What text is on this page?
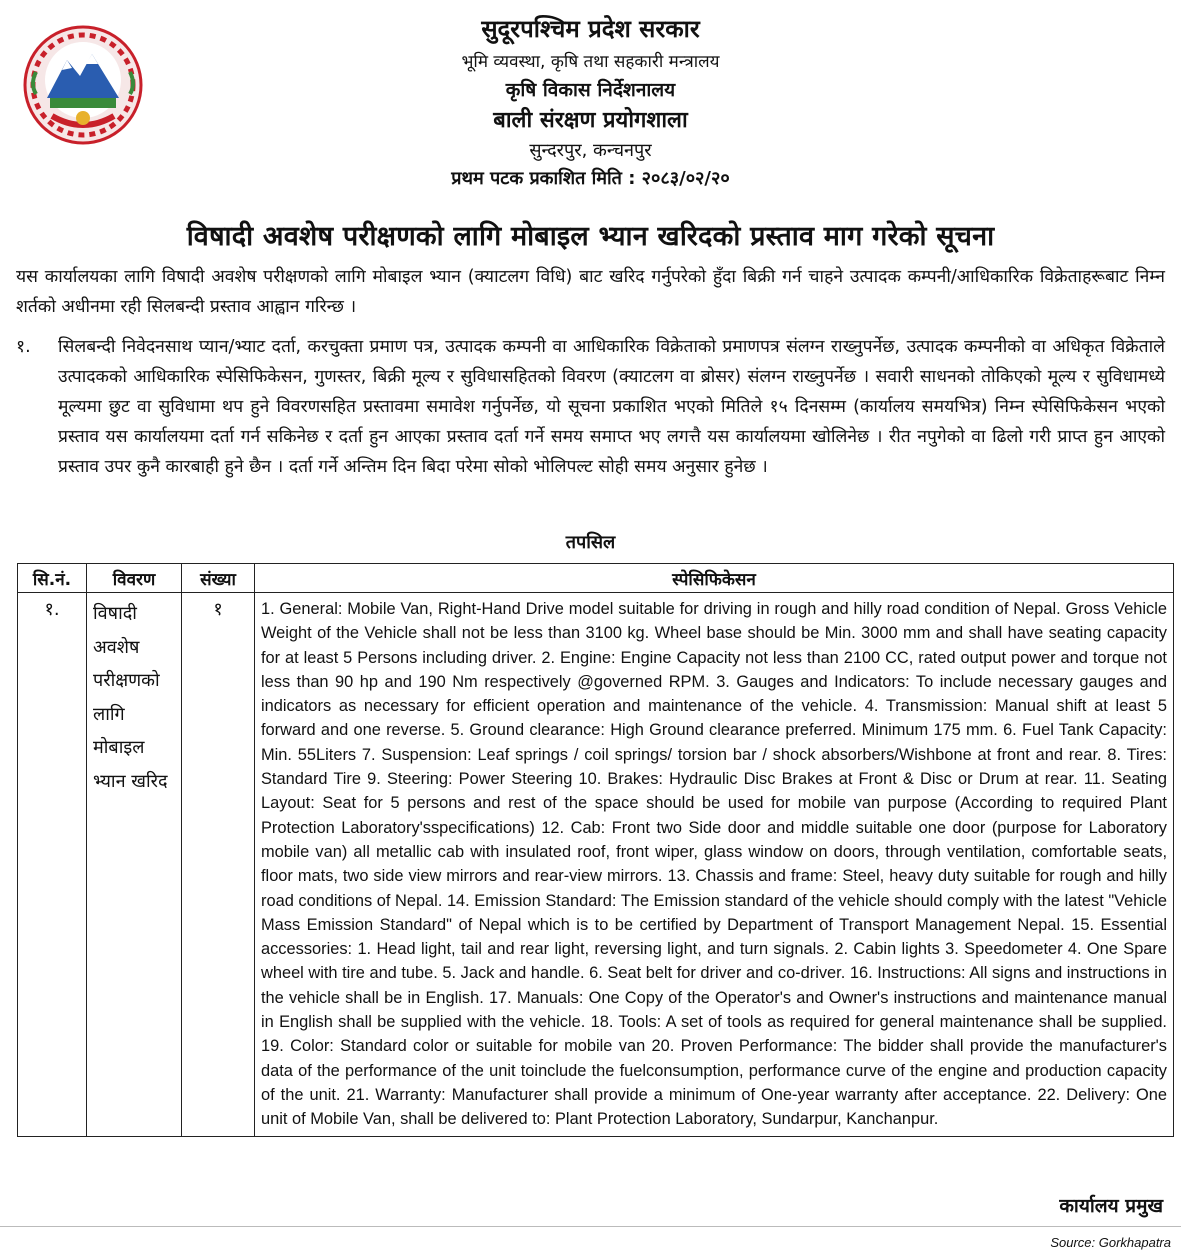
सुदूरपश्चिम प्रदेश सरकार
भूमि व्यवस्था, कृषि तथा सहकारी मन्त्रालय
कृषि विकास निर्देशनालय
बाली संरक्षण प्रयोगशाला
सुन्दरपुर, कन्चनपुर
प्रथम पटक प्रकाशित मिति : २०८३/०२/२०
विषादी अवशेष परीक्षणको लागि मोबाइल भ्यान खरिदको प्रस्ताव माग गरेको सूचना
यस कार्यालयका लागि विषादी अवशेष परीक्षणको लागि मोबाइल भ्यान (क्याटलग विधि) बाट खरिद गर्नुपरेको हुँदा बिक्री गर्न चाहने उत्पादक कम्पनी/आधिकारिक विक्रेताहरूबाट निम्न शर्तको अधीनमा रही सिलबन्दी प्रस्ताव आह्वान गरिन्छ ।
१. सिलबन्दी निवेदनसाथ प्यान/भ्याट दर्ता, करचुक्ता प्रमाण पत्र, उत्पादक कम्पनी वा आधिकारिक विक्रेताको प्रमाणपत्र संलग्न राख्नुपर्नेछ, उत्पादक कम्पनीको वा अधिकृत विक्रेताले उत्पादकको आधिकारिक स्पेसिफिकेसन, गुणस्तर, बिक्री मूल्य र सुविधासहितको विवरण (क्याटलग वा ब्रोसर) संलग्न राख्नुपर्नेछ । सवारी साधनको तोकिएको मूल्य र सुविधामध्ये मूल्यमा छुट वा सुविधामा थप हुने विवरणसहित प्रस्तावमा समावेश गर्नुपर्नेछ, यो सूचना प्रकाशित भएको मितिले १५ दिनसम्म (कार्यालय समयभित्र) निम्न स्पेसिफिकेसन भएको प्रस्ताव यस कार्यालयमा दर्ता गर्न सकिनेछ र दर्ता हुन आएका प्रस्ताव दर्ता गर्ने समय समाप्त भए लगत्तै यस कार्यालयमा खोलिनेछ । रीत नपुगेको वा ढिलो गरी प्राप्त हुन आएको प्रस्ताव उपर कुनै कारबाही हुने छैन । दर्ता गर्ने अन्तिम दिन बिदा परेमा सोको भोलिपल्ट सोही समय अनुसार हुनेछ ।
तपसिल
सि.नं.	विवरण	संख्या	स्पेसिफिकेसन
१.	विषादी अवशेष परीक्षणको लागि मोबाइल भ्यान खरिद	१	1. General: Mobile Van, Right-Hand Drive model suitable for driving in rough and hilly road condition of Nepal. Gross Vehicle Weight of the Vehicle shall not be less than 3100 kg. Wheel base should be Min. 3000 mm and shall have seating capacity for at least 5 Persons including driver. 2. Engine: Engine Capacity not less than 2100 CC, rated output power and torque not less than 90 hp and 190 Nm respectively @governed RPM. 3. Gauges and Indicators: To include necessary gauges and indicators as necessary for efficient operation and maintenance of the vehicle. 4. Transmission: Manual shift at least 5 forward and one reverse. 5. Ground clearance: High Ground clearance preferred. Minimum 175 mm. 6. Fuel Tank Capacity: Min. 55Liters 7. Suspension: Leaf springs / coil springs/ torsion bar / shock absorbers/Wishbone at front and rear. 8. Tires: Standard Tire 9. Steering: Power Steering 10. Brakes: Hydraulic Disc Brakes at Front & Disc or Drum at rear. 11. Seating Layout: Seat for 5 persons and rest of the space should be used for mobile van purpose (According to required Plant Protection Laboratory'sspecifications) 12. Cab: Front two Side door and middle suitable one door (purpose for Laboratory mobile van) all metallic cab with insulated roof, front wiper, glass window on doors, through ventilation, comfortable seats, floor mats, two side view mirrors and rear-view mirrors. 13. Chassis and frame: Steel, heavy duty suitable for rough and hilly road conditions of Nepal. 14. Emission Standard: The Emission standard of the vehicle should comply with the latest "Vehicle Mass Emission Standard" of Nepal which is to be certified by Department of Transport Management Nepal. 15. Essential accessories: 1. Head light, tail and rear light, reversing light, and turn signals. 2. Cabin lights 3. Speedometer 4. One Spare wheel with tire and tube. 5. Jack and handle. 6. Seat belt for driver and co-driver. 16. Instructions: All signs and instructions in the vehicle shall be in English. 17. Manuals: One Copy of the Operator's and Owner's instructions and maintenance manual in English shall be supplied with the vehicle. 18. Tools: A set of tools as required for general maintenance shall be supplied. 19. Color: Standard color or suitable for mobile van 20. Proven Performance: The bidder shall provide the manufacturer's data of the performance of the unit toinclude the fuelconsumption, performance curve of the engine and production capacity of the unit. 21. Warranty: Manufacturer shall provide a minimum of One-year warranty after acceptance. 22. Delivery: One unit of Mobile Van, shall be delivered to: Plant Protection Laboratory, Sundarpur, Kanchanpur.
कार्यालय प्रमुख
Source: Gorkhapatra
